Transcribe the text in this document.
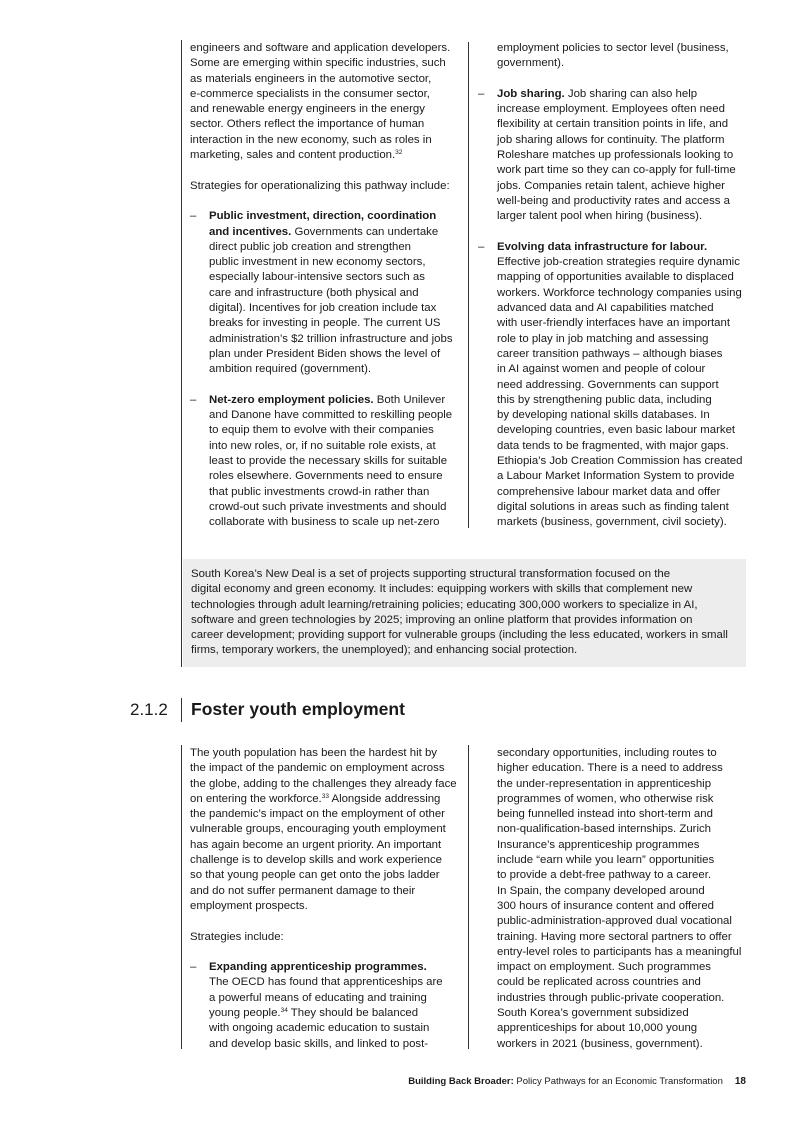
engineers and software and application developers.
Some are emerging within specific industries, such
as materials engineers in the automotive sector,
e-commerce specialists in the consumer sector,
and renewable energy engineers in the energy
sector. Others reflect the importance of human
interaction in the new economy, such as roles in
marketing, sales and content production.$^{32}$

Strategies for operationalizing this pathway include:

– Public investment, direction, coordination
and incentives. Governments can undertake
direct public job creation and strengthen
public investment in new economy sectors,
especially labour-intensive sectors such as
care and infrastructure (both physical and
digital). Incentives for job creation include tax
breaks for investing in people. The current US
administration’s $2 trillion infrastructure and jobs
plan under President Biden shows the level of
ambition required (government).
– Net-zero employment policies. Both Unilever
and Danone have committed to reskilling people
to equip them to evolve with their companies
into new roles, or, if no suitable role exists, at
least to provide the necessary skills for suitable
roles elsewhere. Governments need to ensure
that public investments crowd-in rather than
crowd-out such private investments and should
collaborate with business to scale up net-zero
employment policies to sector level (business,
government).
– Job sharing. Job sharing can also help
increase employment. Employees often need
flexibility at certain transition points in life, and
job sharing allows for continuity. The platform
Roleshare matches up professionals looking to
work part time so they can co-apply for full-time
jobs. Companies retain talent, achieve higher
well-being and productivity rates and access a
larger talent pool when hiring (business).
– Evolving data infrastructure for labour.
Effective job-creation strategies require dynamic
mapping of opportunities available to displaced
workers. Workforce technology companies using
advanced data and AI capabilities matched
with user-friendly interfaces have an important
role to play in job matching and assessing
career transition pathways – although biases
in AI against women and people of colour
need addressing. Governments can support
this by strengthening public data, including
by developing national skills databases. In
developing countries, even basic labour market
data tends to be fragmented, with major gaps.
Ethiopia’s Job Creation Commission has created
a Labour Market Information System to provide
comprehensive labour market data and offer
digital solutions in areas such as finding talent
markets (business, government, civil society).

South Korea’s New Deal is a set of projects supporting structural transformation focused on the
digital economy and green economy. It includes: equipping workers with skills that complement new
technologies through adult learning/retraining policies; educating 300,000 workers to specialize in AI,
software and green technologies by 2025; improving an online platform that provides information on
career development; providing support for vulnerable groups (including the less educated, workers in small
firms, temporary workers, the unemployed); and enhancing social protection.

2.1.2 Foster youth employment

The youth population has been the hardest hit by
the impact of the pandemic on employment across
the globe, adding to the challenges they already face
on entering the workforce.$^{33}$ Alongside addressing
the pandemic’s impact on the employment of other
vulnerable groups, encouraging youth employment
has again become an urgent priority. An important
challenge is to develop skills and work experience
so that young people can get onto the jobs ladder
and do not suffer permanent damage to their
employment prospects.

Strategies include:

– Expanding apprenticeship programmes.
The OECD has found that apprenticeships are
a powerful means of educating and training
young people.$^{34}$ They should be balanced
with ongoing academic education to sustain
and develop basic skills, and linked to post-

secondary opportunities, including routes to
higher education. There is a need to address
the under-representation in apprenticeship
programmes of women, who otherwise risk
being funnelled instead into short-term and
non-qualification-based internships. Zurich
Insurance’s apprenticeship programmes
include “earn while you learn” opportunities
to provide a debt-free pathway to a career.
In Spain, the company developed around
300 hours of insurance content and offered
public-administration-approved dual vocational
training. Having more sectoral partners to offer
entry-level roles to participants has a meaningful
impact on employment. Such programmes
could be replicated across countries and
industries through public-private cooperation.
South Korea’s government subsidized
apprenticeships for about 10,000 young
workers in 2021 (business, government).

Building Back Broader: Policy Pathways for an Economic Transformation 18
